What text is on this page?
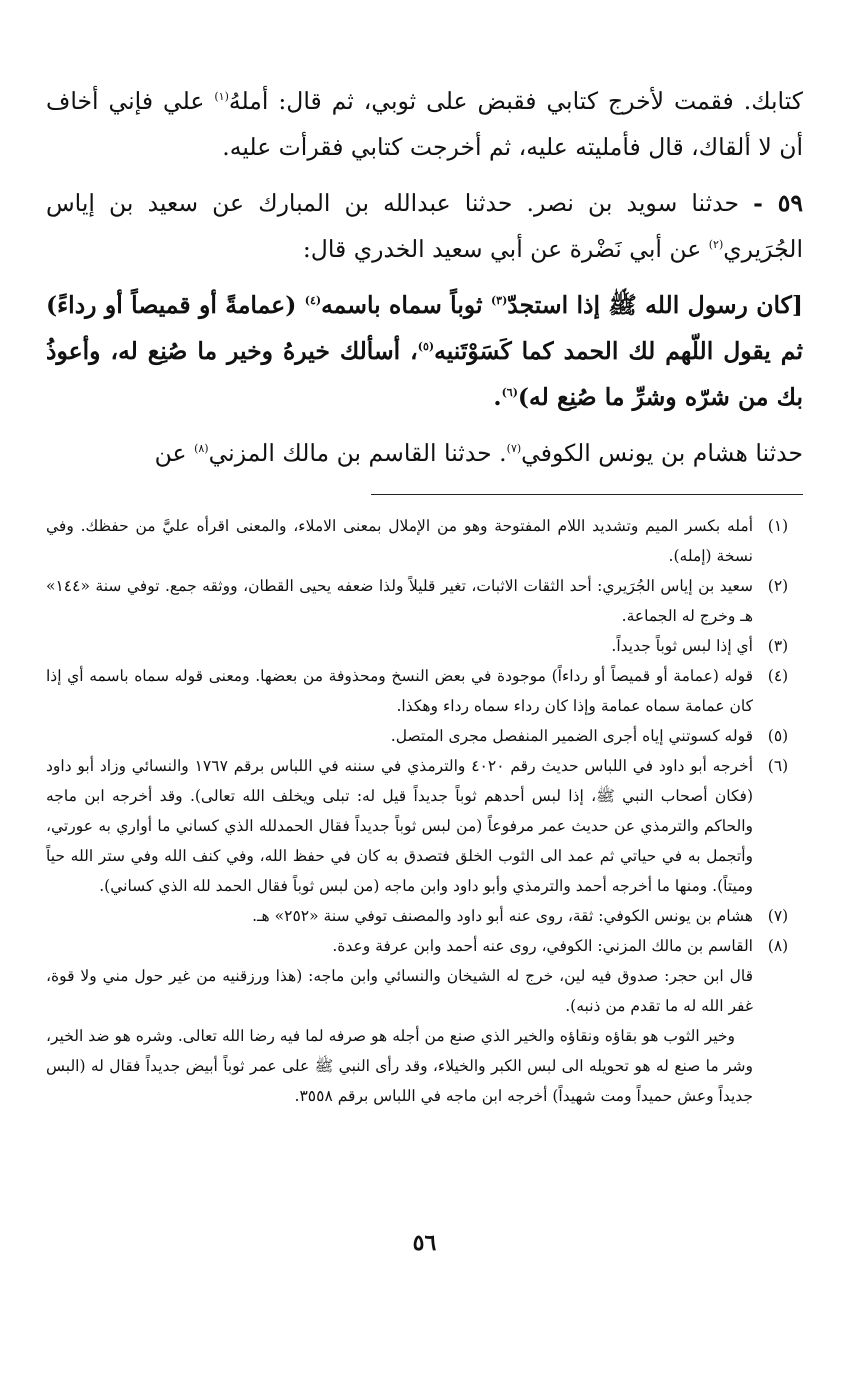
كتابك. فقمت لأخرج كتابي فقبض على ثوبي، ثم قال: أملهُ$^{(١)}$ علي فإني أخاف أن لا ألقاك، قال فأمليته عليه، ثم أخرجت كتابي فقرأت عليه.

٥٩ - حدثنا سويد بن نصر. حدثنا عبدالله بن المبارك عن سعيد بن إياس الجُرَيري$^{(٢)}$ عن أبي نَضْرة عن أبي سعيد الخدري قال:

[كان رسول الله ﷺ إذا استجدّ$^{(٣)}$ ثوباً سماه باسمه$^{(٤)}$ (عمامةً أو قميصاً أو رداءً) ثم يقول اللّهم لك الحمد كما كَسَوْتَنيه$^{(٥)}$، أسألك خيرهُ وخير ما صُنِع له، وأعوذُ بك من شرّه وشرِّ ما صُنِع له)$^{(٦)}$.

حدثنا هشام بن يونس الكوفي$^{(٧)}$. حدثنا القاسم بن مالك المزني$^{(٨)}$ عن

(١)
أمله بكسر الميم وتشديد اللام المفتوحة وهو من الإملال بمعنى الاملاء، والمعنى اقرأه عليَّ من حفظك. وفي نسخة (إمله).
(٢)
سعيد بن إياس الجُرَيري: أحد الثقات الاثبات، تغير قليلاً ولذا ضعفه يحيى القطان، ووثقه جمع. توفي سنة «١٤٤» هـ وخرج له الجماعة.
(٣)
أي إذا لبس ثوباً جديداً.
(٤)
قوله (عمامة أو قميصاً أو رداءاً) موجودة في بعض النسخ ومحذوفة من بعضها. ومعنى قوله سماه باسمه أي إذا كان عمامة سماه عمامة وإذا كان رداء سماه رداء وهكذا.
(٥)
قوله كسوتني إياه أجرى الضمير المنفصل مجرى المتصل.
(٦)
أخرجه أبو داود في اللباس حديث رقم ٤٠٢٠ والترمذي في سننه في اللباس برقم ١٧٦٧ والنسائي وزاد أبو داود (فكان أصحاب النبي ﷺ، إذا لبس أحدهم ثوباً جديداً قيل له: تبلى ويخلف الله تعالى). وقد أخرجه ابن ماجه والحاكم والترمذي عن حديث عمر مرفوعاً (من لبس ثوباً جديداً فقال الحمدلله الذي كساني ما أواري به عورتي، وأتجمل به في حياتي ثم عمد الى الثوب الخلق فتصدق به كان في حفظ الله، وفي كنف الله وفي ستر الله حياً وميتاً). ومنها ما أخرجه أحمد والترمذي وأبو داود وابن ماجه (من لبس ثوباً فقال الحمد لله الذي كساني).
(٧)
هشام بن يونس الكوفي: ثقة، روى عنه أبو داود والمصنف توفي سنة «٢٥٢» هـ.
(٨)
القاسم بن مالك المزني: الكوفي، روى عنه أحمد وابن عرفة وعدة.
قال ابن حجر: صدوق فيه لين، خرج له الشيخان والنسائي وابن ماجه: (هذا ورزقنيه من غير حول مني ولا قوة، غفر الله له ما تقدم من ذنبه).
وخير الثوب هو بقاؤه ونقاؤه والخير الذي صنع من أجله هو صرفه لما فيه رضا الله تعالى. وشره هو ضد الخير، وشر ما صنع له هو تحويله الى لبس الكبر والخيلاء، وقد رأى النبي ﷺ على عمر ثوباً أبيض جديداً فقال له (البس جديداً وعش حميداً ومت شهيداً) أخرجه ابن ماجه في اللباس برقم ٣٥٥٨.
٥٦
